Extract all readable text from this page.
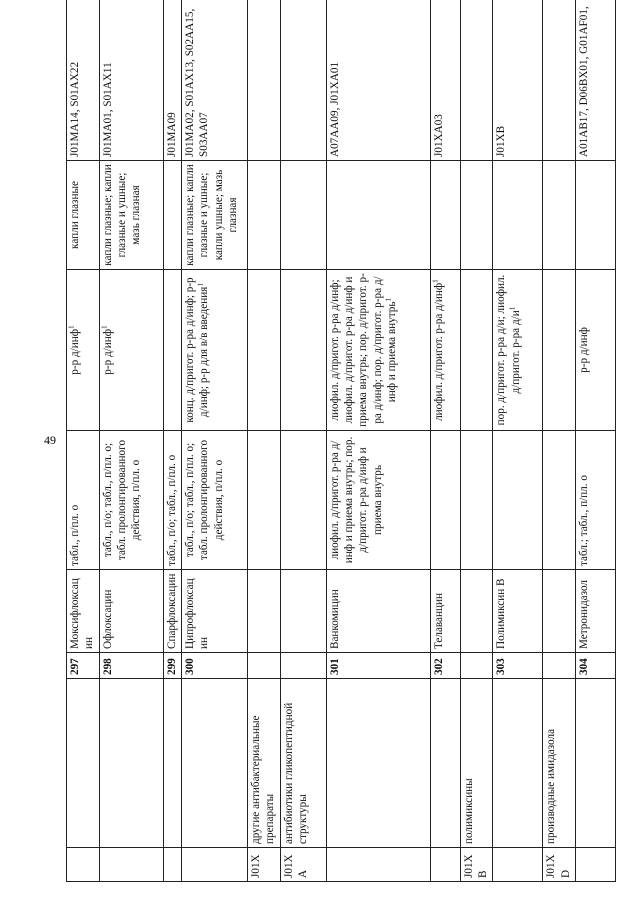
49
		297	Моксифлоксацин	табл., п/пл. о	р-р д/инф$^1$	капли глазные	J01MA14, S01AX22
		298	Офлоксацин	табл., п/о; табл., п/пл. о; табл. пролонгированного действия, п/пл. о	р-р д/инф$^1$	капли глазные; капли глазные и ушные; мазь глазная	J01MA01, S01AX11
		299	Спарфлоксацин	табл., п/о; табл., п/пл. о			J01MA09
		300	Ципрофлоксацин	табл., п/о; табл., п/пл. о; табл. пролонгированного действия, п/пл. о	конц. д/пригот. р-ра д/инф; р-р д/инф; р-р для в/в введения$^1$	капли глазные; капли глазные и ушные; капли ушные; мазь глазная	J01MA02, S01AX13, S02AA15, S03AA07
J01X	другие антибактериальные препараты						
J01XA	антибиотики гликопептидной структуры						
		301	Ванкомицин	лиофил. д/пригот. р-ра д/инф и приема внутрь; пор. д/пригот. р-ра д/инф и приема внутрь	лиофил. д/пригот. р-ра д/инф; лиофил. д/пригот. р-ра д/инф и приема внутрь; пор. д/пригот. р-ра д/инф; пор. д/пригот. р-ра д/инф и приема внутрь$^1$		A07AA09, J01XA01
		302	Телаванцин		лиофил. д/пригот. р-ра д/инф$^1$		J01XA03
J01XB	полимиксины						
		303	Полимиксин В		пор. д/пригот. р-ра д/и; лиофил. д/пригот. р-ра $д/и^1$		J01XB
J01XD	производные имидазола						
		304	Метронидазол	табл.; табл., п/пл. о	р-р д/инф		A01AB17, D06BX01, G01AF01,
